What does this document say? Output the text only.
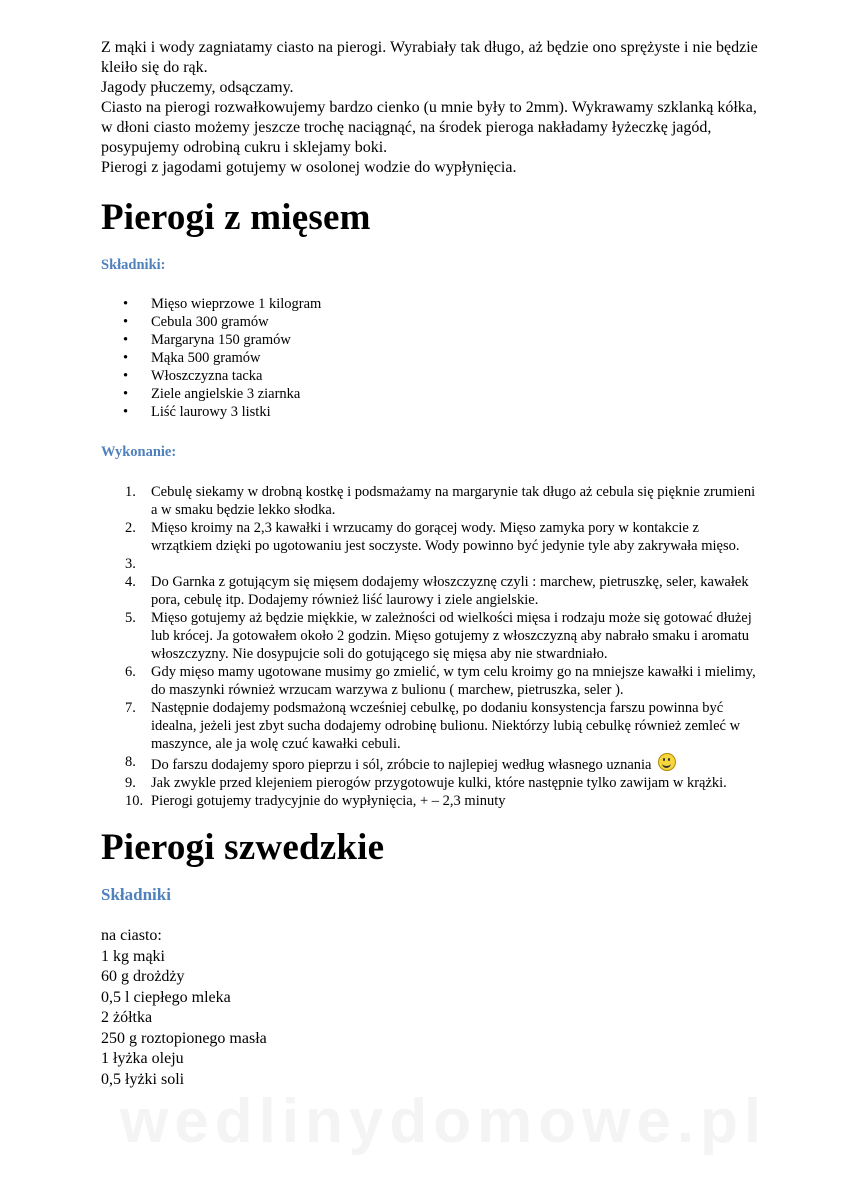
Z mąki i wody zagniatamy ciasto na pierogi. Wyrabiały tak długo, aż będzie ono sprężyste i nie będzie kleiło się do rąk.

Jagody płuczemy, odsączamy.

Ciasto na pierogi rozwałkowujemy bardzo cienko (u mnie były to 2mm). Wykrawamy szklanką kółka, w dłoni ciasto możemy jeszcze trochę naciągnąć, na środek pieroga nakładamy łyżeczkę jagód, posypujemy odrobiną cukru i sklejamy boki.

Pierogi z jagodami gotujemy w osolonej wodzie do wypłynięcia.

Pierogi z mięsem
Składniki:
• Mięso wieprzowe 1 kilogram
• Cebula 300 gramów
• Margaryna 150 gramów
• Mąka 500 gramów
• Włoszczyzna tacka
• Ziele angielskie 3 ziarnka
• Liść laurowy 3 listki
Wykonanie:
1. Cebulę siekamy w drobną kostkę i podsmażamy na margarynie tak długo aż cebula się pięknie zrumieni a w smaku będzie lekko słodka.
2. Mięso kroimy na 2,3 kawałki i wrzucamy do gorącej wody. Mięso zamyka pory w kontakcie z wrzątkiem dzięki po ugotowaniu jest soczyste. Wody powinno być jedynie tyle aby zakrywała mięso.
3.

4. Do Garnka z gotującym się mięsem dodajemy włoszczyznę czyli : marchew, pietruszkę, seler, kawałek pora, cebulę itp. Dodajemy również liść laurowy i ziele angielskie.
5. Mięso gotujemy aż będzie miękkie, w zależności od wielkości mięsa i rodzaju może się gotować dłużej lub krócej. Ja gotowałem około 2 godzin. Mięso gotujemy z włoszczyzną aby nabrało smaku i aromatu włoszczyzny. Nie dosypujcie soli do gotującego się mięsa aby nie stwardniało.
6. Gdy mięso mamy ugotowane musimy go zmielić, w tym celu kroimy go na mniejsze kawałki i mielimy, do maszynki również wrzucam warzywa z bulionu ( marchew, pietruszka, seler ).
7. Następnie dodajemy podsmażoną wcześniej cebulkę, po dodaniu konsystencja farszu powinna być idealna, jeżeli jest zbyt sucha dodajemy odrobinę bulionu. Niektórzy lubią cebulkę również zemleć w maszynce, ale ja wolę czuć kawałki cebuli.
8. Do farszu dodajemy sporo pieprzu i sól, zróbcie to najlepiej według własnego uznania
9. Jak zwykle przed klejeniem pierogów przygotowuje kulki, które następnie tylko zawijam w krążki.
10. Pierogi gotujemy tradycyjnie do wypłynięcia, + – 2,3 minuty
Pierogi szwedzkie
Składniki
na ciasto:
1 kg mąki
60 g drożdży
0,5 l ciepłego mleka
2 żółtka
250 g roztopionego masła
1 łyżka oleju
0,5 łyżki soli
wedlinydomowe.pl
